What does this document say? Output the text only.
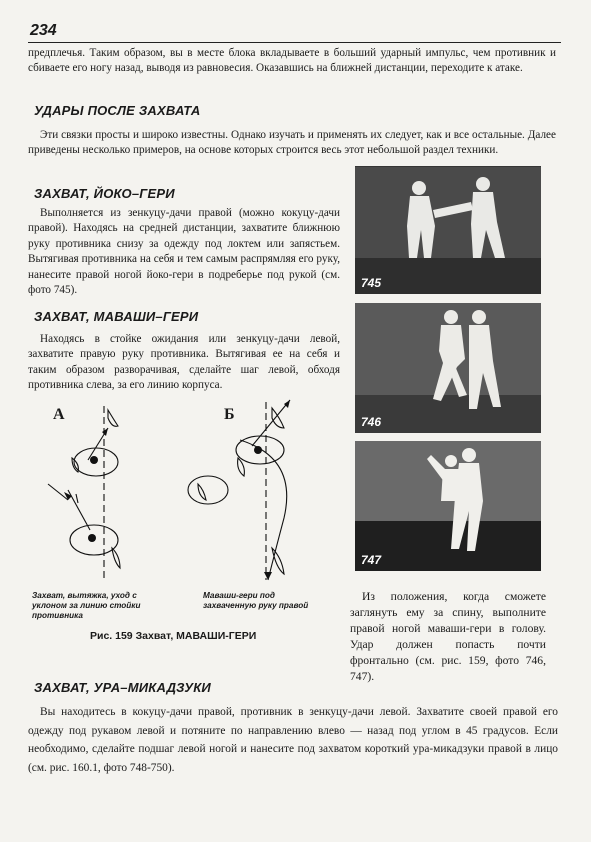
234

предплечья. Таким образом, вы в месте блока вкладываете в больший ударный импульс, чем противник и сбиваете его ногу назад, выводя из равновесия. Оказавшись на ближней дистанции, переходите к атаке.

УДАРЫ ПОСЛЕ ЗАХВАТА

Эти связки просты и широко известны. Однако изучать и применять их следует, как и все остальные. Далее приведены несколько примеров, на основе которых строится весь этот небольшой раздел техники.

ЗАХВАТ, ЙОКО–ГЕРИ

Выполняется из зенкуцу-дачи правой (можно кокуцу-дачи правой). Находясь на средней дистанции, захватите ближнюю руку противника снизу за одежду под локтем или запястьем. Вытягивая противника на себя и тем самым распрямляя его руку, нанесите правой ногой йоко-гери в подреберье под рукой (см. фото 745).

ЗАХВАТ, МАВАШИ–ГЕРИ

Находясь в стойке ожидания или зенкуцу-дачи левой, захватите правую руку противника. Вытягивая ее на себя и таким образом разворачивая, сделайте шаг левой, обходя противника слева, за его линию корпуса.

745
746
747
А	Б
Захват, вытяжка, уход с уклоном за линию стойки противника
Маваши-гери под захваченную руку правой
Рис. 159 Захват, МАВАШИ-ГЕРИ

Из положения, когда сможете заглянуть ему за спину, выполните правой ногой маваши-гери в голову. Удар должен попасть почти фронтально (см. рис. 159, фото 746, 747).

ЗАХВАТ, УРА–МИКАДЗУКИ

Вы находитесь в кокуцу-дачи правой, противник в зенкуцу-дачи левой. Захватите своей правой его одежду под рукавом левой и потяните по направлению влево — назад под углом в 45 градусов. Если необходимо, сделайте подшаг левой ногой и нанесите под захватом короткий ура-микадзуки правой в лицо (см. рис. 160.1, фото 748-750).
